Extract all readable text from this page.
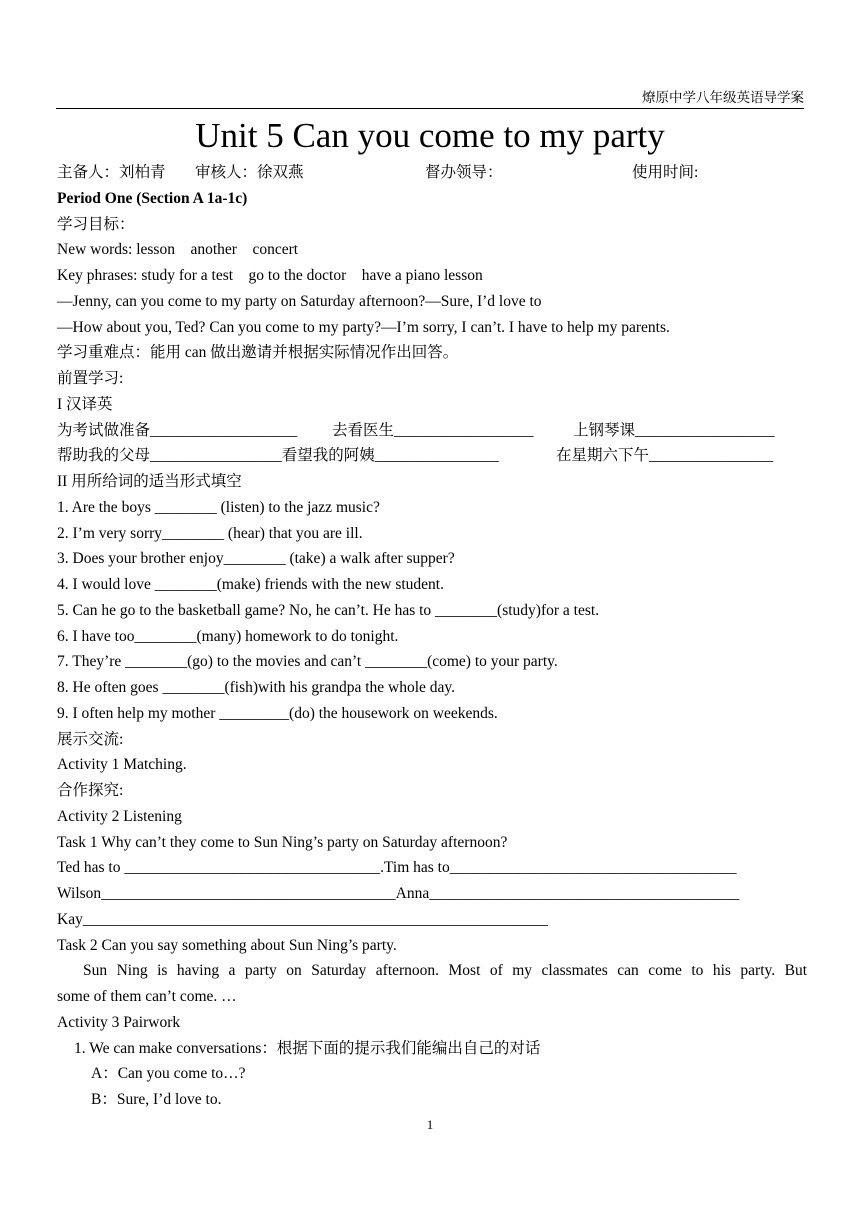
燎原中学八年级英语导学案
Unit 5 Can you come to my party
主备人：刘柏青 审核人：徐双燕	督办领导：	使用时间:
Period One (Section A 1a-1c)
学习目标：
New words: lesson    another    concert
Key phrases: study for a test    go to the doctor    have a piano lesson
—Jenny, can you come to my party on Saturday afternoon?—Sure, I’d love to
—How about you, Ted? Can you come to my party?—I’m sorry, I can’t. I have to help my parents.
学习重难点：能用 can 做出邀请并根据实际情况作出回答。
前置学习:
I 汉译英
为考试做准备___________________ 去看医生__________________	上钢琴课__________________
帮助我的父母_________________看望我的阿姨________________	在星期六下午________________
II 用所给词的适当形式填空
1. Are the boys ________ (listen) to the jazz music?
2. I’m very sorry________ (hear) that you are ill.
3. Does your brother enjoy________ (take) a walk after supper?
4. I would love ________(make) friends with the new student.
5. Can he go to the basketball game? No, he can’t. He has to ________(study)for a test.
6. I have too________(many) homework to do tonight.
7. They’re ________(go) to the movies and can’t ________(come) to your party.
8. He often goes ________(fish)with his grandpa the whole day.
9. I often help my mother _________(do) the housework on weekends.
展示交流:
Activity 1 Matching.
合作探究:
Activity 2 Listening
Task 1 Why can’t they come to Sun Ning’s party on Saturday afternoon?
Ted has to _________________________________.Tim has to_____________________________________
Wilson______________________________________Anna________________________________________
Kay____________________________________________________________
Task 2 Can you say something about Sun Ning’s party.
Sun Ning is having a party on Saturday afternoon. Most of my classmates can come to his party. But
some of them can’t come. …
Activity 3 Pairwork
1. We can make conversations：根据下面的提示我们能编出自己的对话
A：Can you come to…?
B：Sure, I’d love to.
1
